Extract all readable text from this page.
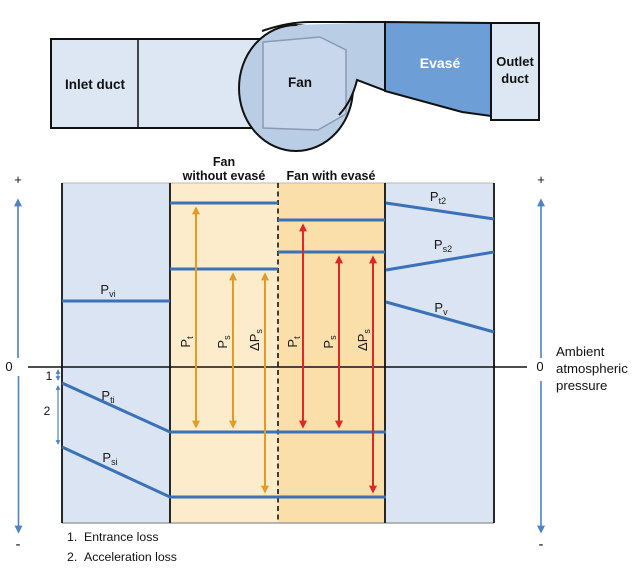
Inlet duct	Fan
Evasé	Outlet
duct
Fan
without evasé Fan with evasé
$P_{vi}$
$P_{ti}$
$P_{si}$
$P_{t2}$
$P_{s2}$
$P_v$
$P_t$
$P_s$ $\Delta P_s$
$P_t$
$P_s$ $\Delta P_s$
+
0
-
1
2
+
0
-
Ambient
atmospheric
pressure
1. Entrance loss
2. Acceleration loss
